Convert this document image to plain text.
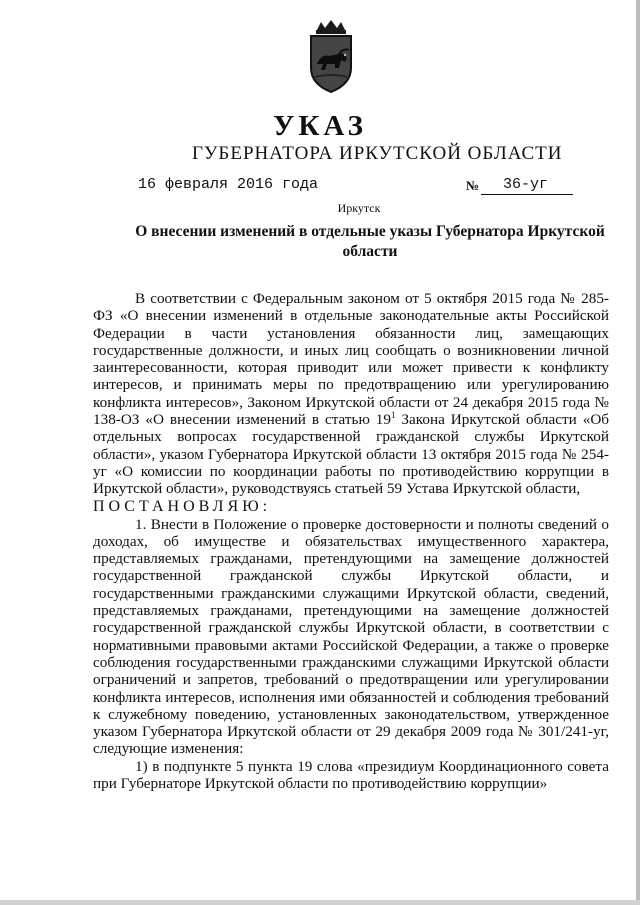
УКАЗ
ГУБЕРНАТОРА ИРКУТСКОЙ ОБЛАСТИ
16 февраля 2016 года	№	36-уг
Иркутск
О внесении изменений в отдельные указы Губернатора Иркутской области

В соответствии с Федеральным законом от 5 октября 2015 года № 285-ФЗ «О внесении изменений в отдельные законодательные акты Российской Федерации в части установления обязанности лиц, замещающих государственные должности, и иных лиц сообщать о возникновении личной заинтересованности, которая приводит или может привести к конфликту интересов, и принимать меры по предотвращению или урегулированию конфликта интересов», Законом Иркутской области от 24 декабря 2015 года № 138-ОЗ «О внесении изменений в статью $19^1$ Закона Иркутской области «Об отдельных вопросах государственной гражданской службы Иркутской области», указом Губернатора Иркутской области 13 октября 2015 года № 254-уг «О комиссии по координации работы по противодействию коррупции в Иркутской области», руководствуясь статьей 59 Устава Иркутской области,

ПОСТАНОВЛЯЮ:

1. Внести в Положение о проверке достоверности и полноты сведений о доходах, об имуществе и обязательствах имущественного характера, представляемых гражданами, претендующими на замещение должностей государственной гражданской службы Иркутской области, и государственными гражданскими служащими Иркутской области, сведений, представляемых гражданами, претендующими на замещение должностей государственной гражданской службы Иркутской области, в соответствии с нормативными правовыми актами Российской Федерации, а также о проверке соблюдения государственными гражданскими служащими Иркутской области ограничений и запретов, требований о предотвращении или урегулировании конфликта интересов, исполнения ими обязанностей и соблюдения требований к служебному поведению, установленных законодательством, утвержденное указом Губернатора Иркутской области от 29 декабря 2009 года № 301/241-уг, следующие изменения:

1) в подпункте 5 пункта 19 слова «президиум Координационного совета при Губернаторе Иркутской области по противодействию коррупции»
